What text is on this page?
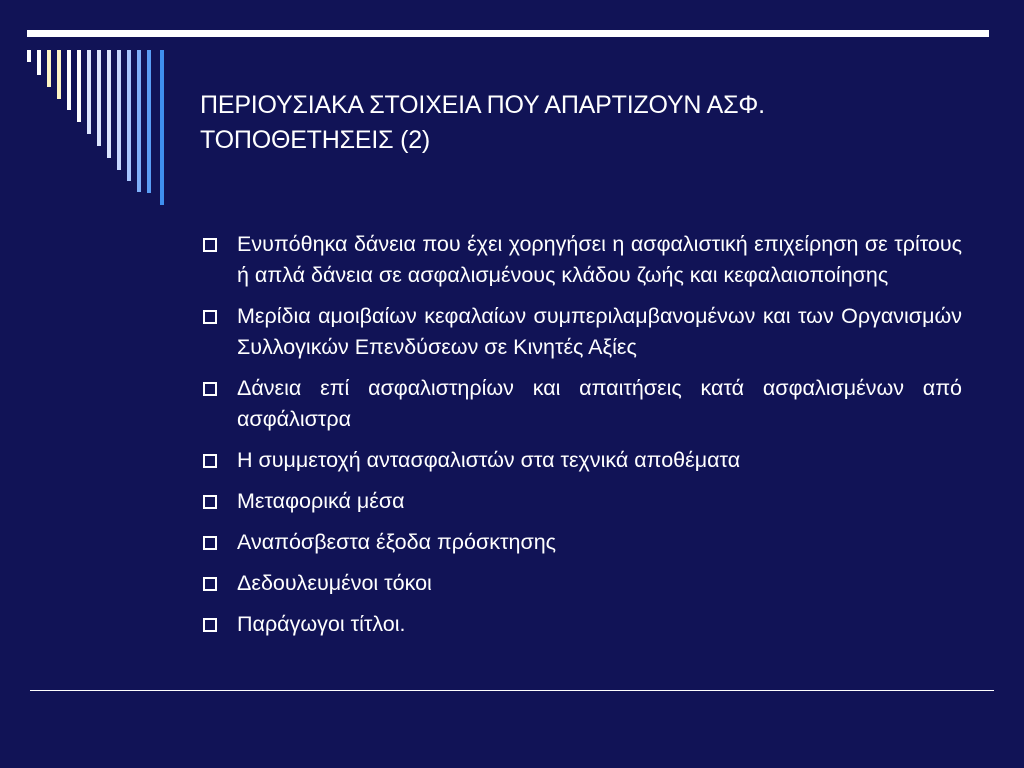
ΠΕΡΙΟΥΣΙΑΚΑ ΣΤΟΙΧΕΙΑ ΠΟΥ ΑΠΑΡΤΙΖΟΥΝ ΑΣΦ.
ΤΟΠΟΘΕΤΗΣΕΙΣ (2)
Ενυπόθηκα δάνεια που έχει χορηγήσει η ασφαλιστική επιχείρηση σε τρίτους ή απλά δάνεια σε ασφαλισμένους κλάδου ζωής και κεφαλαιοποίησης
Μερίδια αμοιβαίων κεφαλαίων συμπεριλαμβανομένων και των Οργανισμών Συλλογικών Επενδύσεων σε Κινητές Αξίες
Δάνεια επί ασφαλιστηρίων και απαιτήσεις κατά ασφαλισμένων από ασφάλιστρα
Η συμμετοχή αντασφαλιστών στα τεχνικά αποθέματα
Μεταφορικά μέσα
Αναπόσβεστα έξοδα πρόσκτησης
Δεδουλευμένοι τόκοι
Παράγωγοι τίτλοι.
